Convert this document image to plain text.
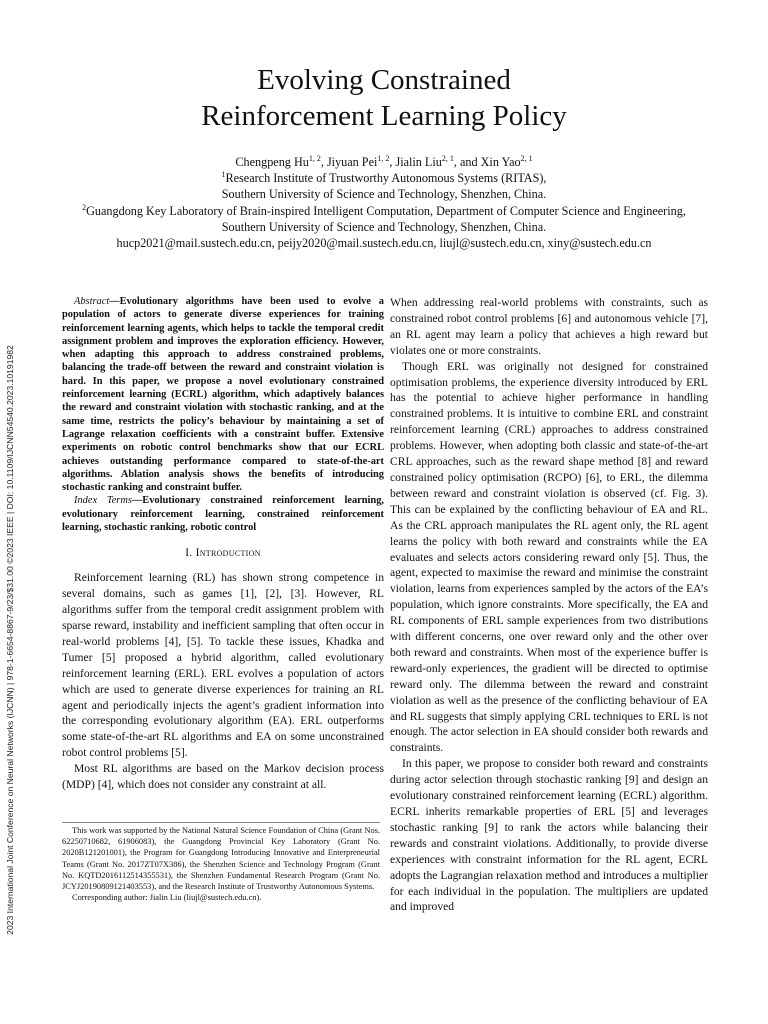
2023 International Joint Conference on Neural Networks (IJCNN) | 978-1-6654-8867-9/23/$31.00 ©2023 IEEE | DOI: 10.1109/IJCNN54540.2023.10191982
Evolving Constrained
Reinforcement Learning Policy
Chengpeng Hu$^{1, 2}$, Jiyuan Pei$^{1, 2}$, Jialin Liu$^{2, 1}$, and Xin Yao$^{2, 1}$
$^1$Research Institute of Trustworthy Autonomous Systems (RITAS),
Southern University of Science and Technology, Shenzhen, China.
$^2$Guangdong Key Laboratory of Brain-inspired Intelligent Computation, Department of Computer Science and Engineering,
Southern University of Science and Technology, Shenzhen, China.
hucp2021@mail.sustech.edu.cn, peijy2020@mail.sustech.edu.cn, liujl@sustech.edu.cn, xiny@sustech.edu.cn

Abstract—Evolutionary algorithms have been used to evolve a population of actors to generate diverse experiences for training reinforcement learning agents, which helps to tackle the temporal credit assignment problem and improves the exploration efficiency. However, when adapting this approach to address constrained problems, balancing the trade-off between the reward and constraint violation is hard. In this paper, we propose a novel evolutionary constrained reinforcement learning (ECRL) algorithm, which adaptively balances the reward and constraint violation with stochastic ranking, and at the same time, restricts the policy’s behaviour by maintaining a set of Lagrange relaxation coefficients with a constraint buffer. Extensive experiments on robotic control benchmarks show that our ECRL achieves outstanding performance compared to state-of-the-art algorithms. Ablation analysis shows the benefits of introducing stochastic ranking and constraint buffer.

Index Terms—Evolutionary constrained reinforcement learning, evolutionary reinforcement learning, constrained reinforcement learning, stochastic ranking, robotic control

I. Introduction

Reinforcement learning (RL) has shown strong competence in several domains, such as games [1], [2], [3]. However, RL algorithms suffer from the temporal credit assignment problem with sparse reward, instability and inefficient sampling that often occur in real-world problems [4], [5]. To tackle these issues, Khadka and Tumer [5] proposed a hybrid algorithm, called evolutionary reinforcement learning (ERL). ERL evolves a population of actors which are used to generate diverse experiences for training an RL agent and periodically injects the agent’s gradient information into the corresponding evolutionary algorithm (EA). ERL outperforms some state-of-the-art RL algorithms and EA on some unconstrained robot control problems [5].

Most RL algorithms are based on the Markov decision process (MDP) [4], which does not consider any constraint at all.

This work was supported by the National Natural Science Foundation of China (Grant Nos. 62250710682, 61906083), the Guangdong Provincial Key Laboratory (Grant No. 2020B121201001), the Program for Guangdong Introducing Innovative and Enterpreneurial Teams (Grant No. 2017ZT07X386), the Shenzhen Science and Technology Program (Grant No. KQTD2016112514355531), the Shenzhen Fundamental Research Program (Grant No. JCYJ20190809121403553), and the Research Institute of Trustworthy Autonomous Systems.

Corresponding author: Jialin Liu (liujl@sustech.edu.cn).

When addressing real-world problems with constraints, such as constrained robot control problems [6] and autonomous vehicle [7], an RL agent may learn a policy that achieves a high reward but violates one or more constraints.

Though ERL was originally not designed for constrained optimisation problems, the experience diversity introduced by ERL has the potential to achieve higher performance in handling constrained problems. It is intuitive to combine ERL and constraint reinforcement learning (CRL) approaches to address constrained problems. However, when adopting both classic and state-of-the-art CRL approaches, such as the reward shape method [8] and reward constrained policy optimisation (RCPO) [6], to ERL, the dilemma between reward and constraint violation is observed (cf. Fig. 3). This can be explained by the conflicting behaviour of EA and RL. As the CRL approach manipulates the RL agent only, the RL agent learns the policy with both reward and constraints while the EA evaluates and selects actors considering reward only [5]. Thus, the agent, expected to maximise the reward and minimise the constraint violation, learns from experiences sampled by the actors of the EA’s population, which ignore constraints. More specifically, the EA and RL components of ERL sample experiences from two distributions with different concerns, one over reward only and the other over both reward and constraints. When most of the experience buffer is reward-only experiences, the gradient will be directed to optimise reward only. The dilemma between the reward and constraint violation as well as the presence of the conflicting behaviour of EA and RL suggests that simply applying CRL techniques to ERL is not enough. The actor selection in EA should consider both rewards and constraints.

In this paper, we propose to consider both reward and constraints during actor selection through stochastic ranking [9] and design an evolutionary constrained reinforcement learning (ECRL) algorithm. ECRL inherits remarkable properties of ERL [5] and leverages stochastic ranking [9] to rank the actors while balancing their rewards and constraint violations. Additionally, to provide diverse experiences with constraint information for the RL agent, ECRL adopts the Lagrangian relaxation method and introduces a multiplier for each individual in the population. The multipliers are updated and improved
